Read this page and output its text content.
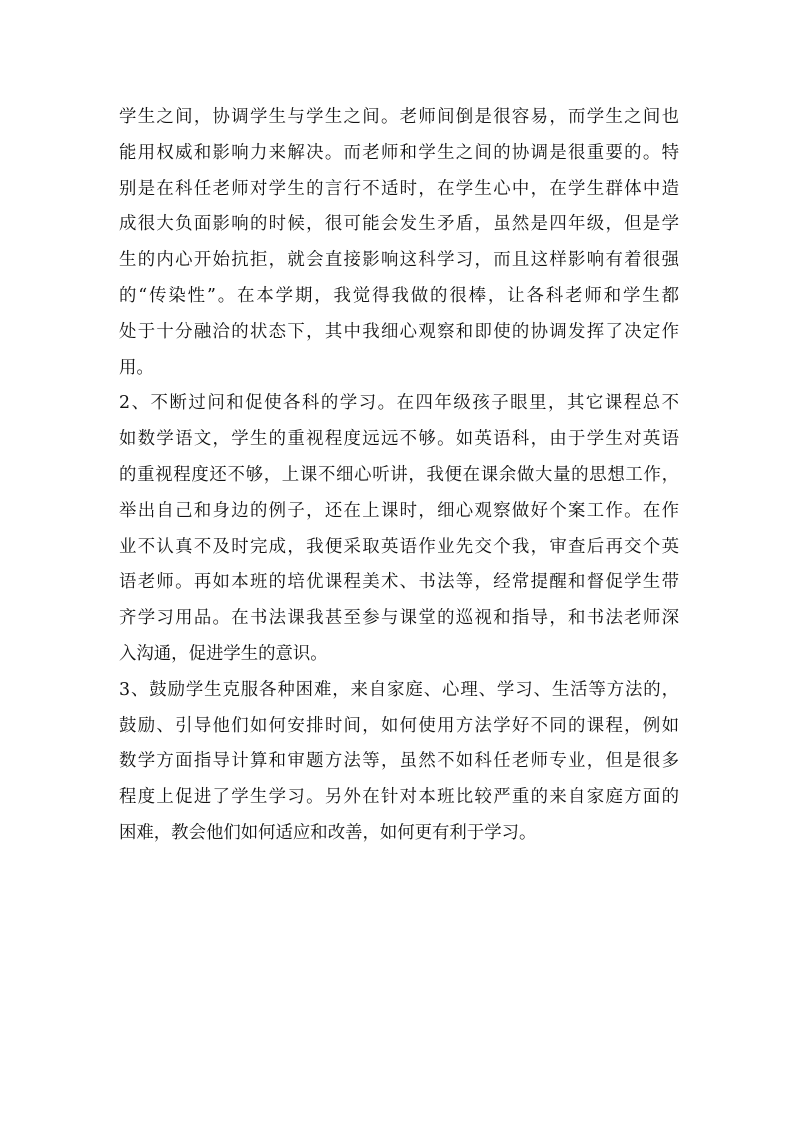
学生之间，协调学生与学生之间。老师间倒是很容易，而学生之间也
能用权威和影响力来解决。而老师和学生之间的协调是很重要的。特
别是在科任老师对学生的言行不适时，在学生心中，在学生群体中造
成很大负面影响的时候，很可能会发生矛盾，虽然是四年级，但是学
生的内心开始抗拒，就会直接影响这科学习，而且这样影响有着很强
的“传染性”。在本学期，我觉得我做的很棒，让各科老师和学生都
处于十分融洽的状态下，其中我细心观察和即使的协调发挥了决定作
用。
2、不断过问和促使各科的学习。在四年级孩子眼里，其它课程总不
如数学语文，学生的重视程度远远不够。如英语科，由于学生对英语
的重视程度还不够，上课不细心听讲，我便在课余做大量的思想工作，
举出自己和身边的例子，还在上课时，细心观察做好个案工作。在作
业不认真不及时完成，我便采取英语作业先交个我，审查后再交个英
语老师。再如本班的培优课程美术、书法等，经常提醒和督促学生带
齐学习用品。在书法课我甚至参与课堂的巡视和指导，和书法老师深
入沟通，促进学生的意识。
3、鼓励学生克服各种困难，来自家庭、心理、学习、生活等方法的，
鼓励、引导他们如何安排时间，如何使用方法学好不同的课程，例如
数学方面指导计算和审题方法等，虽然不如科任老师专业，但是很多
程度上促进了学生学习。另外在针对本班比较严重的来自家庭方面的
困难，教会他们如何适应和改善，如何更有利于学习。
